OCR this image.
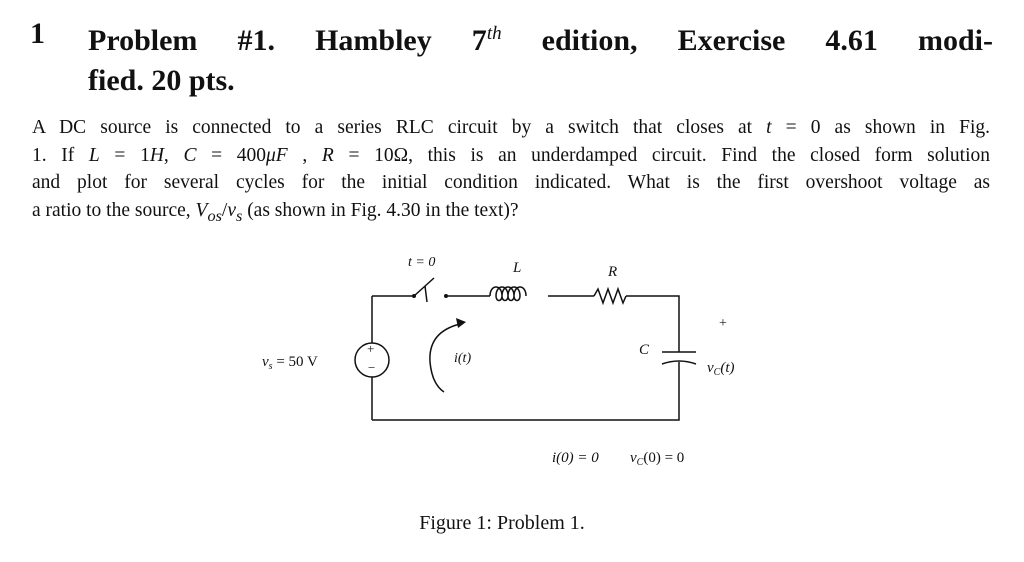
1 Problem #1. Hambley 7th edition, Exercise 4.61 modi-
fied. 20 pts.
A DC source is connected to a series RLC circuit by a switch that closes at t = 0 as shown in Fig.
1. If L = 1H, C = 400μF , R = 10Ω, this is an underdamped circuit. Find the closed form solution
and plot for several cycles for the initial condition indicated. What is the first overshoot voltage as
a ratio to the source, $V_{os}/v_s$ (as shown in Fig. 4.30 in the text)?
t = 0	L	R
C
+
+
−
$v_s = 50$ V	i(t)
$v_C(t)$
i(0) = 0 $v_C(0) = 0$
Figure 1: Problem 1.
